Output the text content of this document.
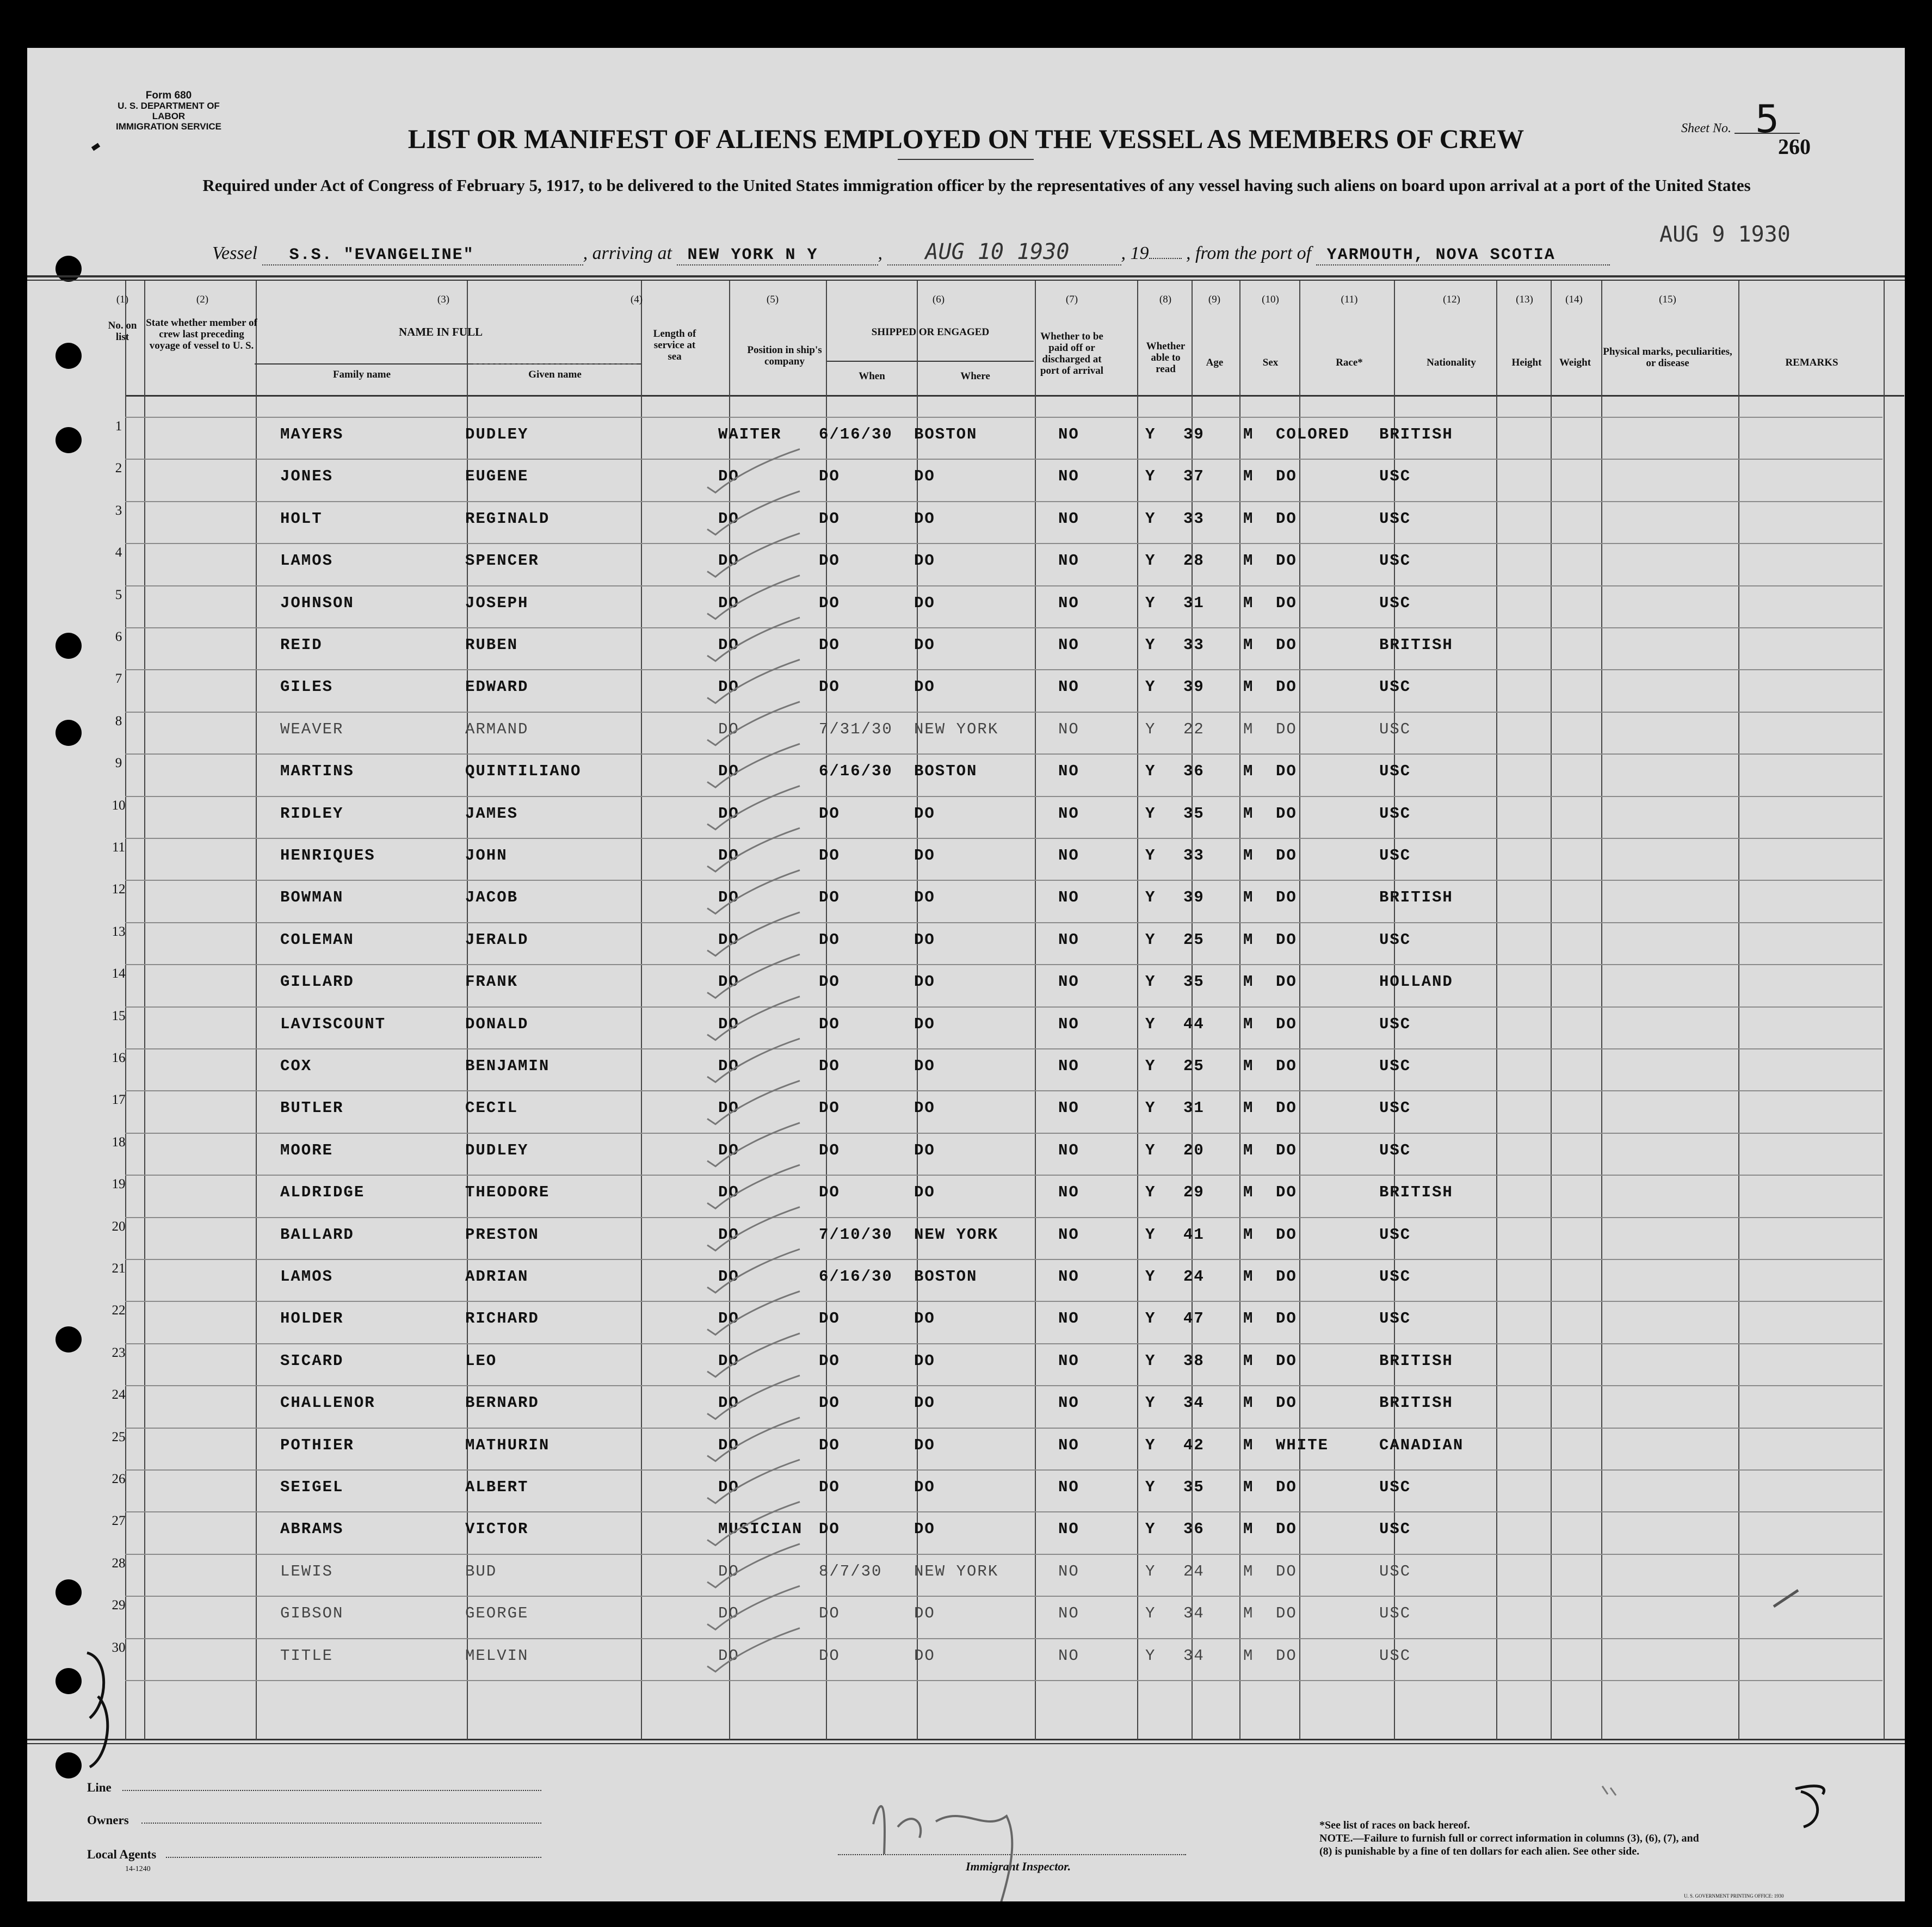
Form 680
U. S. DEPARTMENT OF LABOR
IMMIGRATION SERVICE	Sheet No. 5
260
LIST OR MANIFEST OF ALIENS EMPLOYED ON THE VESSEL AS MEMBERS OF CREW
Required under Act of Congress of February 5, 1917, to be delivered to the United States immigration officer by the representatives of any vessel having such aliens on board upon arrival at a port of the United States
Vessel S.S. "EVANGELINE"	, arriving at NEW YORK N Y	, AUG 10 1930	, 19 , from the port of YARMOUTH, NOVA SCOTIA
AUG 9 1930
(1)
No. on list
(2)
State whether member of crew last preceding voyage of vessel to U. S.
(3)
NAME IN FULL
Family name	Given name
(4)
Length of service at sea
(5)
Position in ship's company
(6)
SHIPPED OR ENGAGED
When	Where
(7)
Whether to be paid off or discharged at port of arrival
(8)
Whether able to read
(9)
Age
(10)
Sex
(11)
Race*
(12)
Nationality
(13)
Height
(14)
Weight
(15)
Physical marks, peculiarities, or disease	REMARKS
1	MAYERS	DUDLEY	WAITER 6/16/30 BOSTON	NO	Y 39 M COLORED BRITISH
2	JONES	EUGENE	DO	DO	DO	NO	Y 37 M DO	USC
3	HOLT	REGINALD	DO	DO	DO	NO	Y 33 M DO	USC
4	LAMOS	SPENCER	DO	DO	DO	NO	Y 28 M DO	USC
5	JOHNSON	JOSEPH	DO	DO	DO	NO	Y 31 M DO	USC
6	REID	RUBEN	DO	DO	DO	NO	Y 33 M DO	BRITISH
7	GILES	EDWARD	DO	DO	DO	NO	Y 39 M DO	USC
8	WEAVER	ARMAND	DO	7/31/30 NEW YORK	NO	Y 22 M DO	USC
9	MARTINS	QUINTILIANO	DO	6/16/30 BOSTON	NO	Y 36 M DO	USC
10	RIDLEY	JAMES	DO	DO	DO	NO	Y 35 M DO	USC
11	HENRIQUES	JOHN	DO	DO	DO	NO	Y 33 M DO	USC
12	BOWMAN	JACOB	DO	DO	DO	NO	Y 39 M DO	BRITISH
13	COLEMAN	JERALD	DO	DO	DO	NO	Y 25 M DO	USC
14	GILLARD	FRANK	DO	DO	DO	NO	Y 35 M DO	HOLLAND
15	LAVISCOUNT	DONALD	DO	DO	DO	NO	Y 44 M DO	USC
16	COX	BENJAMIN	DO	DO	DO	NO	Y 25 M DO	USC
17	BUTLER	CECIL	DO	DO	DO	NO	Y 31 M DO	USC
18	MOORE	DUDLEY	DO	DO	DO	NO	Y 20 M DO	USC
19	ALDRIDGE	THEODORE	DO	DO	DO	NO	Y 29 M DO	BRITISH
20	BALLARD	PRESTON	DO	7/10/30 NEW YORK	NO	Y 41 M DO	USC
21	LAMOS	ADRIAN	DO	6/16/30 BOSTON	NO	Y 24 M DO	USC
22	HOLDER	RICHARD	DO	DO	DO	NO	Y 47 M DO	USC
23	SICARD	LEO	DO	DO	DO	NO	Y 38 M DO	BRITISH
24	CHALLENOR	BERNARD	DO	DO	DO	NO	Y 34 M DO	BRITISH
25	POTHIER	MATHURIN	DO	DO	DO	NO	Y 42 M WHITE	CANADIAN
26	SEIGEL	ALBERT	DO	DO	DO	NO	Y 35 M DO	USC
27	ABRAMS	VICTOR	MUSICIAN DO	DO	NO	Y 36 M DO	USC
28	LEWIS	BUD	DO	8/7/30 NEW YORK	NO	Y 24 M DO	USC
29	GIBSON	GEORGE	DO	DO	DO	NO	Y 34 M DO	USC
30	TITLE	MELVIN	DO	DO	DO	NO	Y 34 M DO	USC
Line
Owners
Local Agents
14-1240	Immigrant Inspector.
*See list of races on back hereof.
NOTE.—Failure to furnish full or correct information in columns (3), (6), (7), and (8) is punishable by a fine of ten dollars for each alien. See other side.
U. S. GOVERNMENT PRINTING OFFICE: 1930
